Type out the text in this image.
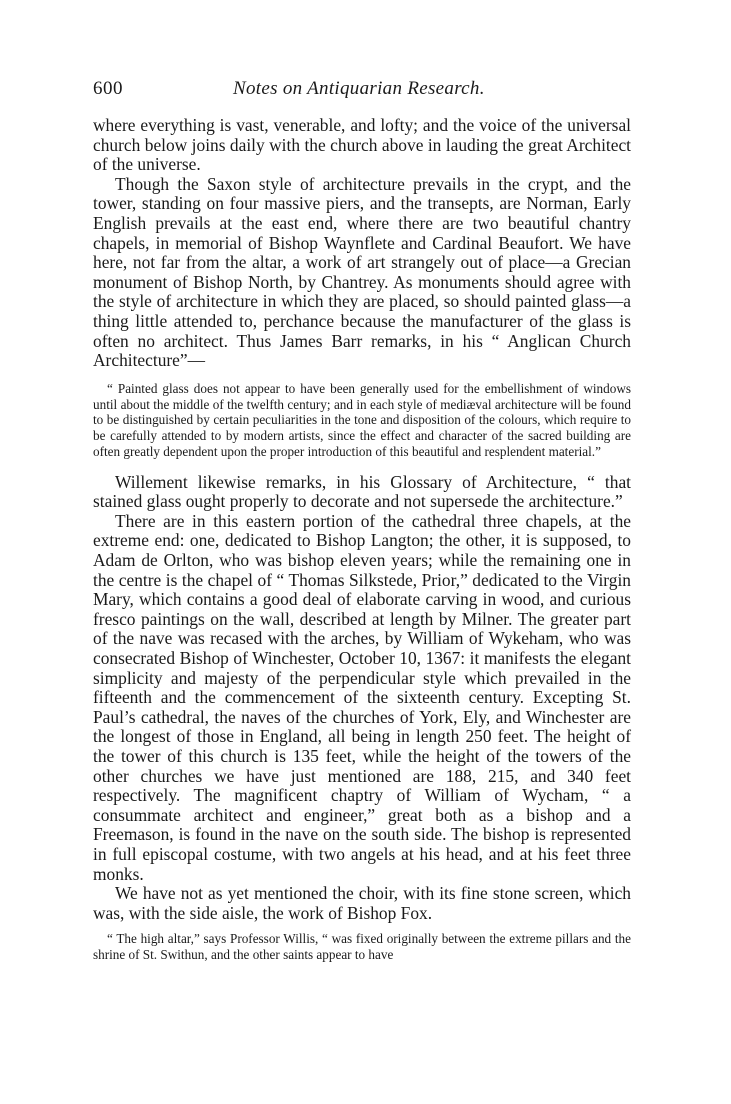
600	Notes on Antiquarian Research.

where everything is vast, venerable, and lofty; and the voice of the universal church below joins daily with the church above in lauding the great Architect of the universe.

Though the Saxon style of architecture prevails in the crypt, and the tower, standing on four massive piers, and the transepts, are Norman, Early English prevails at the east end, where there are two beautiful chantry chapels, in memorial of Bishop Waynflete and Cardinal Beaufort. We have here, not far from the altar, a work of art strangely out of place—a Grecian monument of Bishop North, by Chantrey. As monuments should agree with the style of architecture in which they are placed, so should painted glass—a thing little attended to, perchance because the manufacturer of the glass is often no architect. Thus James Barr remarks, in his “ Anglican Church Architecture”—

“ Painted glass does not appear to have been generally used for the embellishment of windows until about the middle of the twelfth century; and in each style of mediæval architecture will be found to be distinguished by certain peculiarities in the tone and disposition of the colours, which require to be carefully attended to by modern artists, since the effect and character of the sacred building are often greatly dependent upon the proper introduction of this beautiful and resplendent material.”

Willement likewise remarks, in his Glossary of Architecture, “ that stained glass ought properly to decorate and not supersede the architecture.”

There are in this eastern portion of the cathedral three chapels, at the extreme end: one, dedicated to Bishop Langton; the other, it is supposed, to Adam de Orlton, who was bishop eleven years; while the remaining one in the centre is the chapel of “ Thomas Silkstede, Prior,” dedicated to the Virgin Mary, which contains a good deal of elaborate carving in wood, and curious fresco paintings on the wall, described at length by Milner. The greater part of the nave was recased with the arches, by William of Wykeham, who was consecrated Bishop of Winchester, October 10, 1367: it manifests the elegant simplicity and majesty of the perpendicular style which prevailed in the fifteenth and the commencement of the sixteenth century. Excepting St. Paul’s cathedral, the naves of the churches of York, Ely, and Winchester are the longest of those in England, all being in length 250 feet. The height of the tower of this church is 135 feet, while the height of the towers of the other churches we have just mentioned are 188, 215, and 340 feet respectively. The magnificent chaptry of William of Wycham, “ a consummate architect and engineer,” great both as a bishop and a Freemason, is found in the nave on the south side. The bishop is represented in full episcopal costume, with two angels at his head, and at his feet three monks.

We have not as yet mentioned the choir, with its fine stone screen, which was, with the side aisle, the work of Bishop Fox.

“ The high altar,” says Professor Willis, “ was fixed originally between the extreme pillars and the shrine of St. Swithun, and the other saints appear to have
